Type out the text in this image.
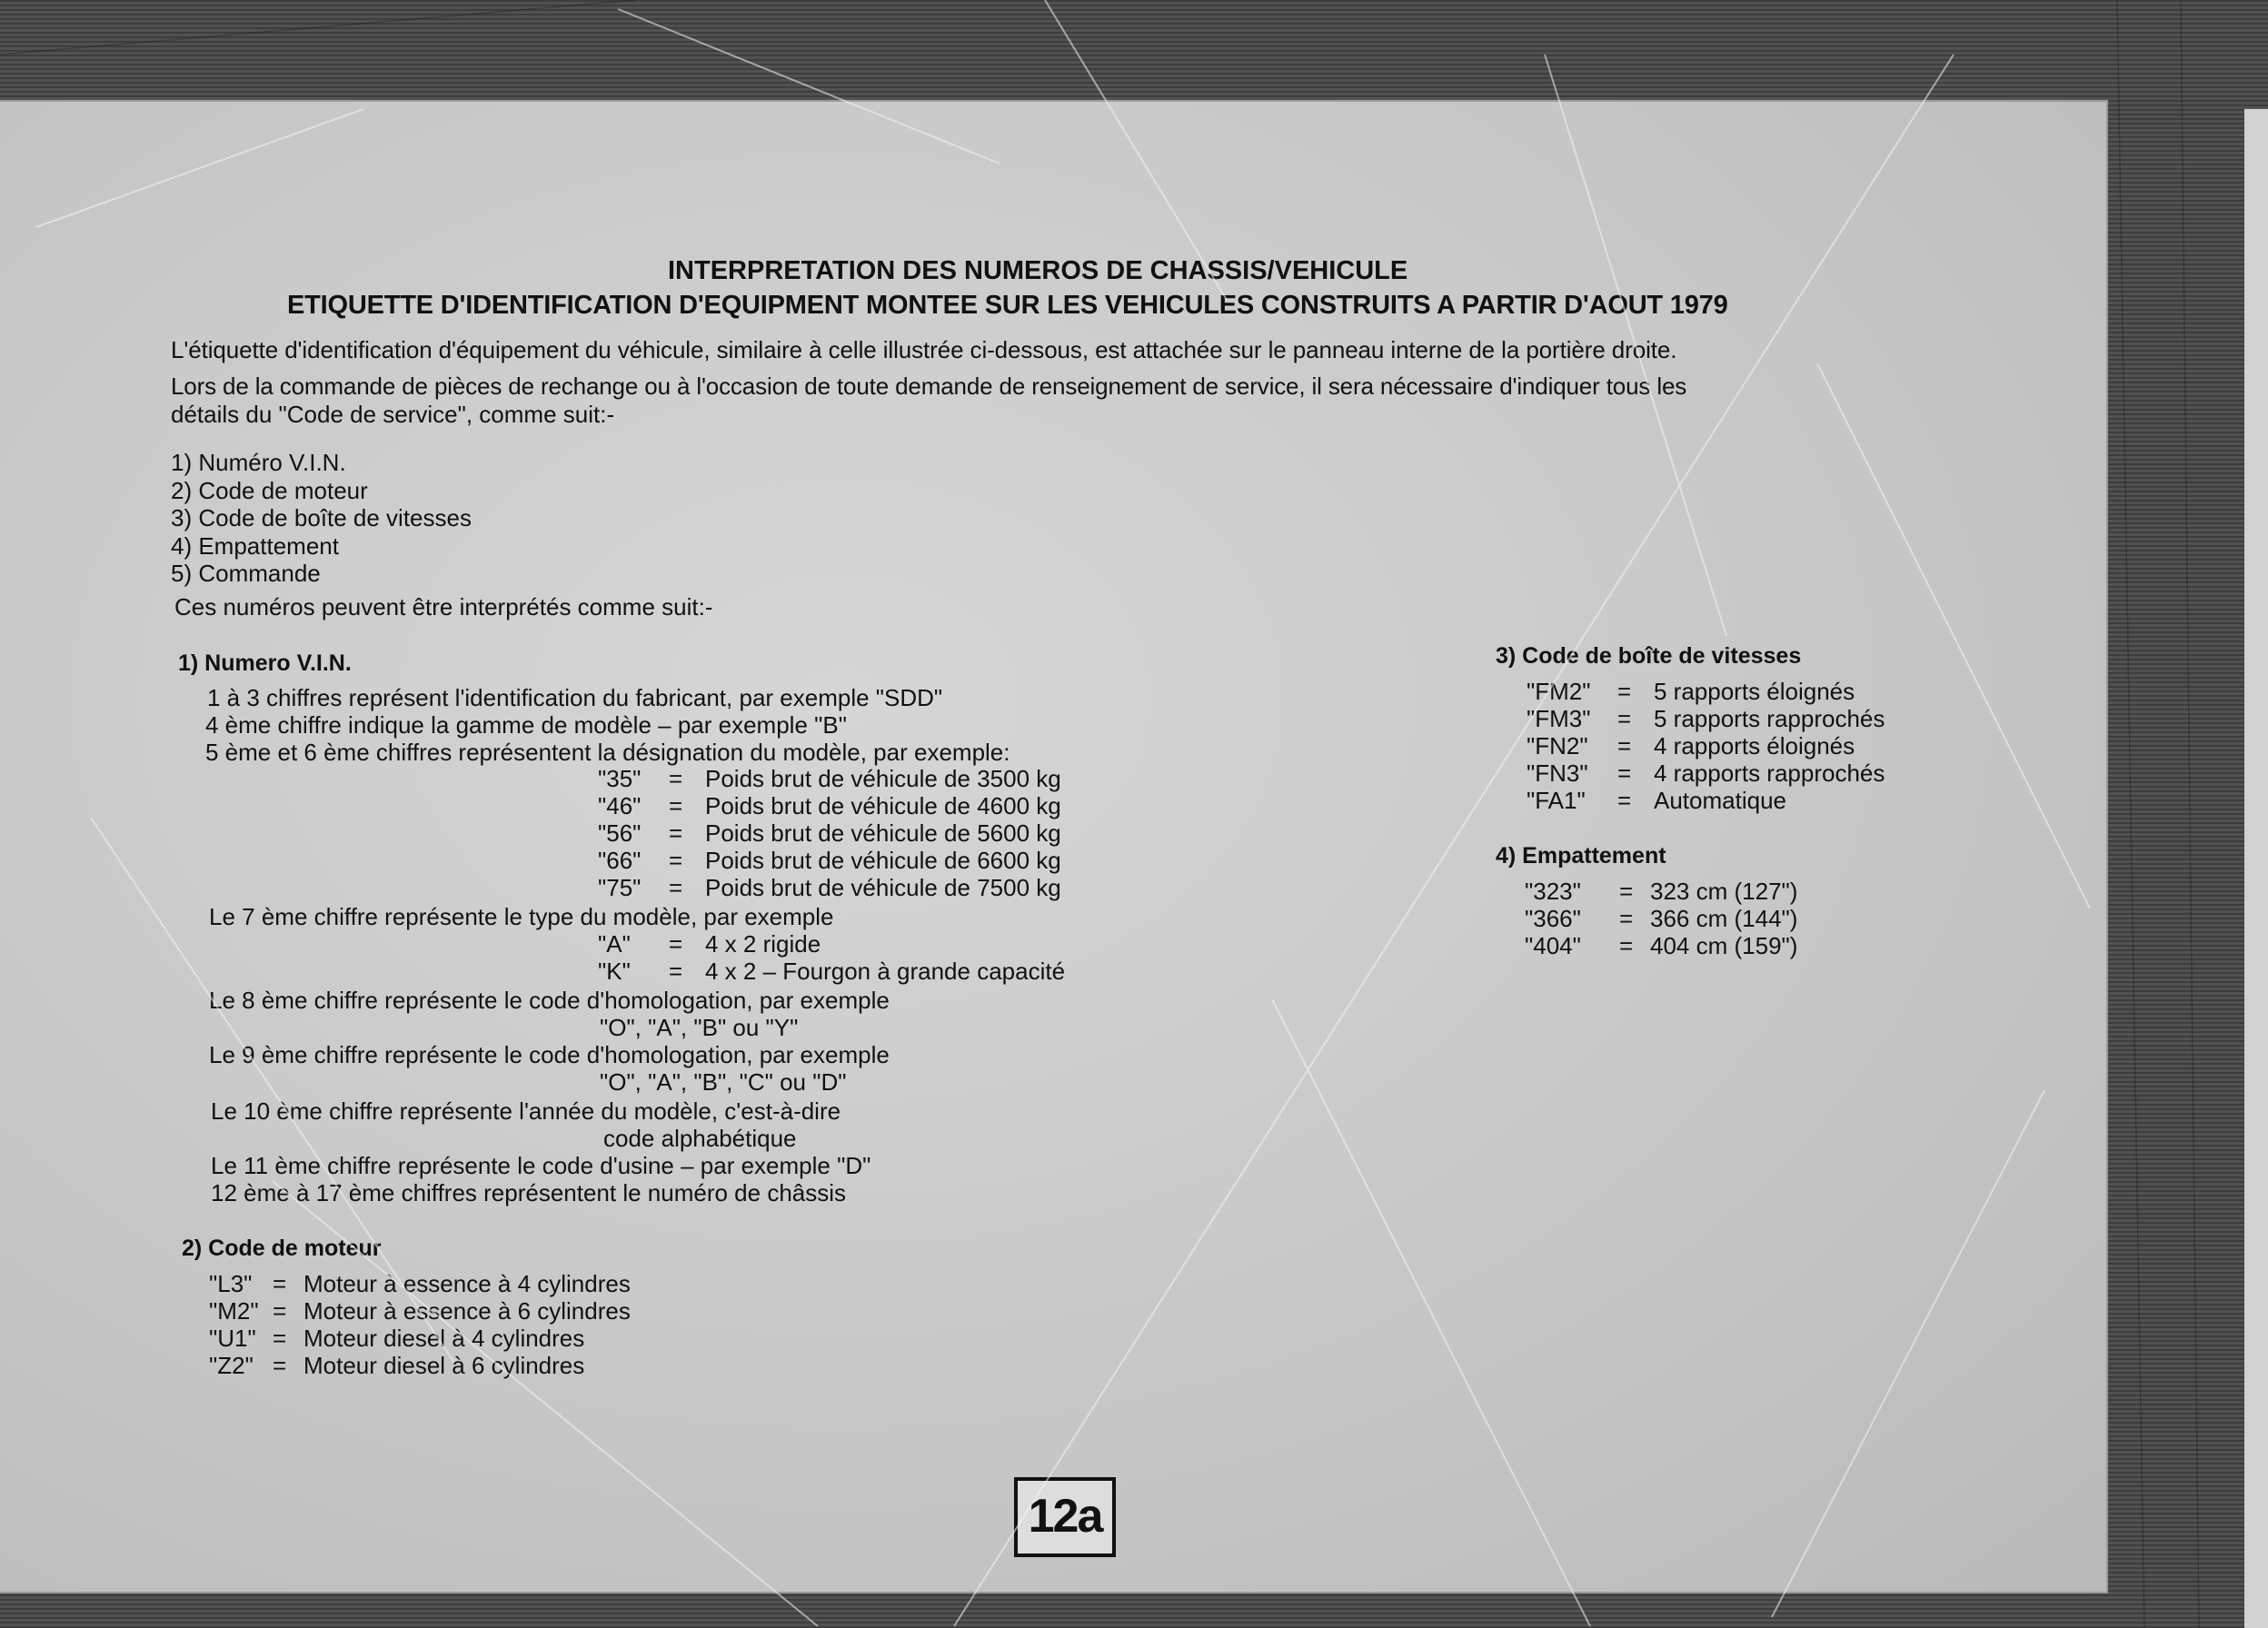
INTERPRETATION DES NUMEROS DE CHASSIS/VEHICULE
ETIQUETTE D'IDENTIFICATION D'EQUIPMENT MONTEE SUR LES VEHICULES CONSTRUITS A PARTIR D'AOUT 1979
L'étiquette d'identification d'équipement du véhicule, similaire à celle illustrée ci-dessous, est attachée sur le panneau interne de la portière droite.
Lors de la commande de pièces de rechange ou à l'occasion de toute demande de renseignement de service, il sera nécessaire d'indiquer tous les
détails du "Code de service", comme suit:-
1) Numéro V.I.N.
2) Code de moteur
3) Code de boîte de vitesses
4) Empattement
5) Commande
Ces numéros peuvent être interprétés comme suit:-
1) Numero V.I.N.
1 à 3 chiffres représent l'identification du fabricant, par exemple "SDD"
4 ème chiffre indique la gamme de modèle – par exemple "B"
5 ème et 6 ème chiffres représentent la désignation du modèle, par exemple:
"35" = Poids brut de véhicule de 3500 kg
"46" = Poids brut de véhicule de 4600 kg
"56" = Poids brut de véhicule de 5600 kg
"66" = Poids brut de véhicule de 6600 kg
"75" = Poids brut de véhicule de 7500 kg
Le 7 ème chiffre représente le type du modèle, par exemple
"A" = 4 x 2 rigide
"K" = 4 x 2 – Fourgon à grande capacité
Le 8 ème chiffre représente le code d'homologation, par exemple
"O", "A", "B" ou "Y"
Le 9 ème chiffre représente le code d'homologation, par exemple
"O", "A", "B", "C" ou "D"
Le 10 ème chiffre représente l'année du modèle, c'est-à-dire
code alphabétique
Le 11 ème chiffre représente le code d'usine – par exemple "D"
12 ème à 17 ème chiffres représentent le numéro de châssis
2) Code de moteur
"L3" = Moteur à essence à 4 cylindres
"M2" = Moteur à essence à 6 cylindres
"U1" = Moteur diesel à 4 cylindres
"Z2" = Moteur diesel à 6 cylindres
3) Code de boîte de vitesses
"FM2" = 5 rapports éloignés
"FM3" = 5 rapports rapprochés
"FN2" = 4 rapports éloignés
"FN3" = 4 rapports rapprochés
"FA1" = Automatique
4) Empattement
"323" = 323 cm (127")
"366" = 366 cm (144")
"404" = 404 cm (159")
12a
